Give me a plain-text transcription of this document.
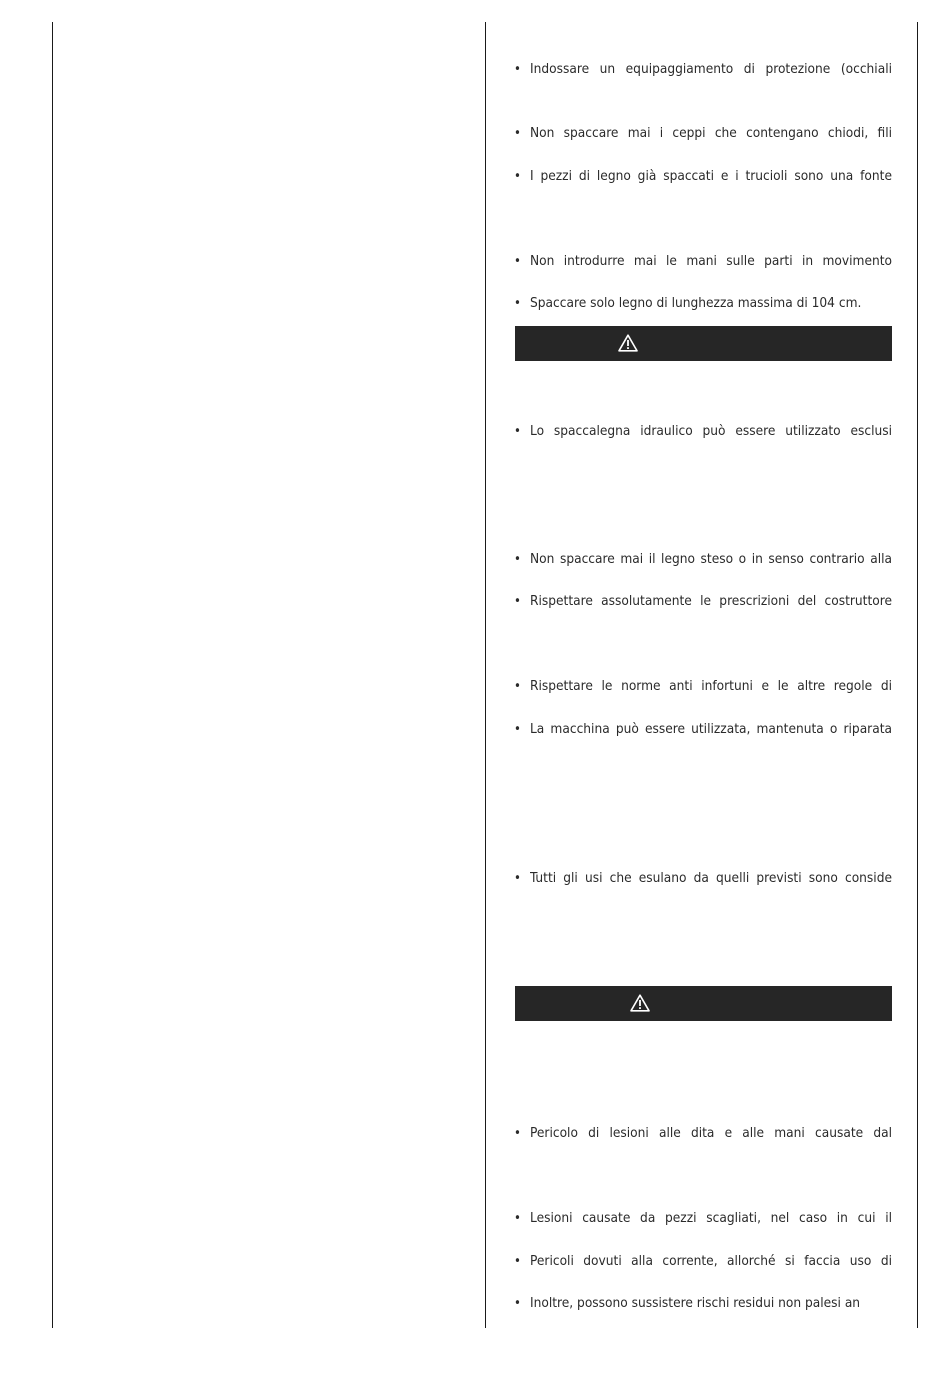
• Indossare un equipaggiamento di protezione (occhiali
• Non spaccare mai i ceppi che contengano chiodi, fili
• I pezzi di legno già spaccati e i trucioli sono una fonte
• Non introdurre mai le mani sulle parti in movimento
• Spaccare solo legno di lunghezza massima di 104 cm.
• Lo spaccalegna idraulico può essere utilizzato esclusi
• Non spaccare mai il legno steso o in senso contrario alla
• Rispettare assolutamente le prescrizioni del costruttore
• Rispettare le norme anti infortuni e le altre regole di
• La macchina può essere utilizzata, mantenuta o riparata
• Tutti gli usi che esulano da quelli previsti sono conside
• Pericolo di lesioni alle dita e alle mani causate dal
• Lesioni causate da pezzi scagliati, nel caso in cui il
• Pericoli dovuti alla corrente, allorché si faccia uso di
• Inoltre, possono sussistere rischi residui non palesi an
